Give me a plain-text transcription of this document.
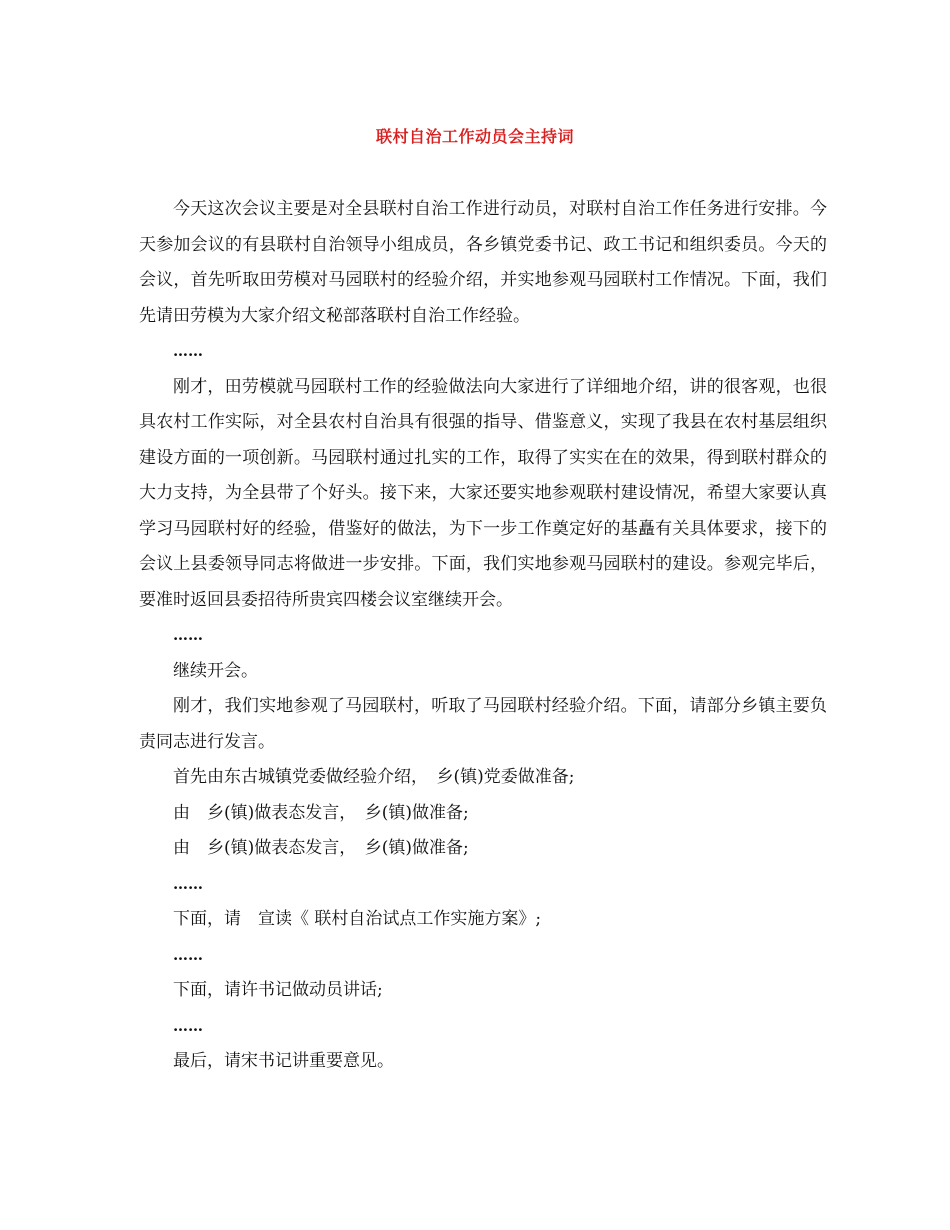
联村自治工作动员会主持词

今天这次会议主要是对全县联村自治工作进行动员，对联村自治工作任务进行安排。今天参加会议的有县联村自治领导小组成员，各乡镇党委书记、政工书记和组织委员。今天的会议，首先听取田劳模对马园联村的经验介绍，并实地参观马园联村工作情况。下面，我们先请田劳模为大家介绍文秘部落联村自治工作经验。

……

刚才，田劳模就马园联村工作的经验做法向大家进行了详细地介绍，讲的很客观，也很具农村工作实际，对全县农村自治具有很强的指导、借鉴意义，实现了我县在农村基层组织建设方面的一项创新。马园联村通过扎实的工作，取得了实实在在的效果，得到联村群众的大力支持，为全县带了个好头。接下来，大家还要实地参观联村建设情况，希望大家要认真学习马园联村好的经验，借鉴好的做法，为下一步工作奠定好的基矗有关具体要求，接下的会议上县委领导同志将做进一步安排。下面，我们实地参观马园联村的建设。参观完毕后，要准时返回县委招待所贵宾四楼会议室继续开会。

……

继续开会。

刚才，我们实地参观了马园联村，听取了马园联村经验介绍。下面，请部分乡镇主要负责同志进行发言。

首先由东古城镇党委做经验介绍，　乡(镇)党委做准备;

由　乡(镇)做表态发言，　乡(镇)做准备;

由　乡(镇)做表态发言，　乡(镇)做准备;

……

下面，请　宣读《 联村自治试点工作实施方案》;

……

下面，请许书记做动员讲话;

……

最后，请宋书记讲重要意见。
